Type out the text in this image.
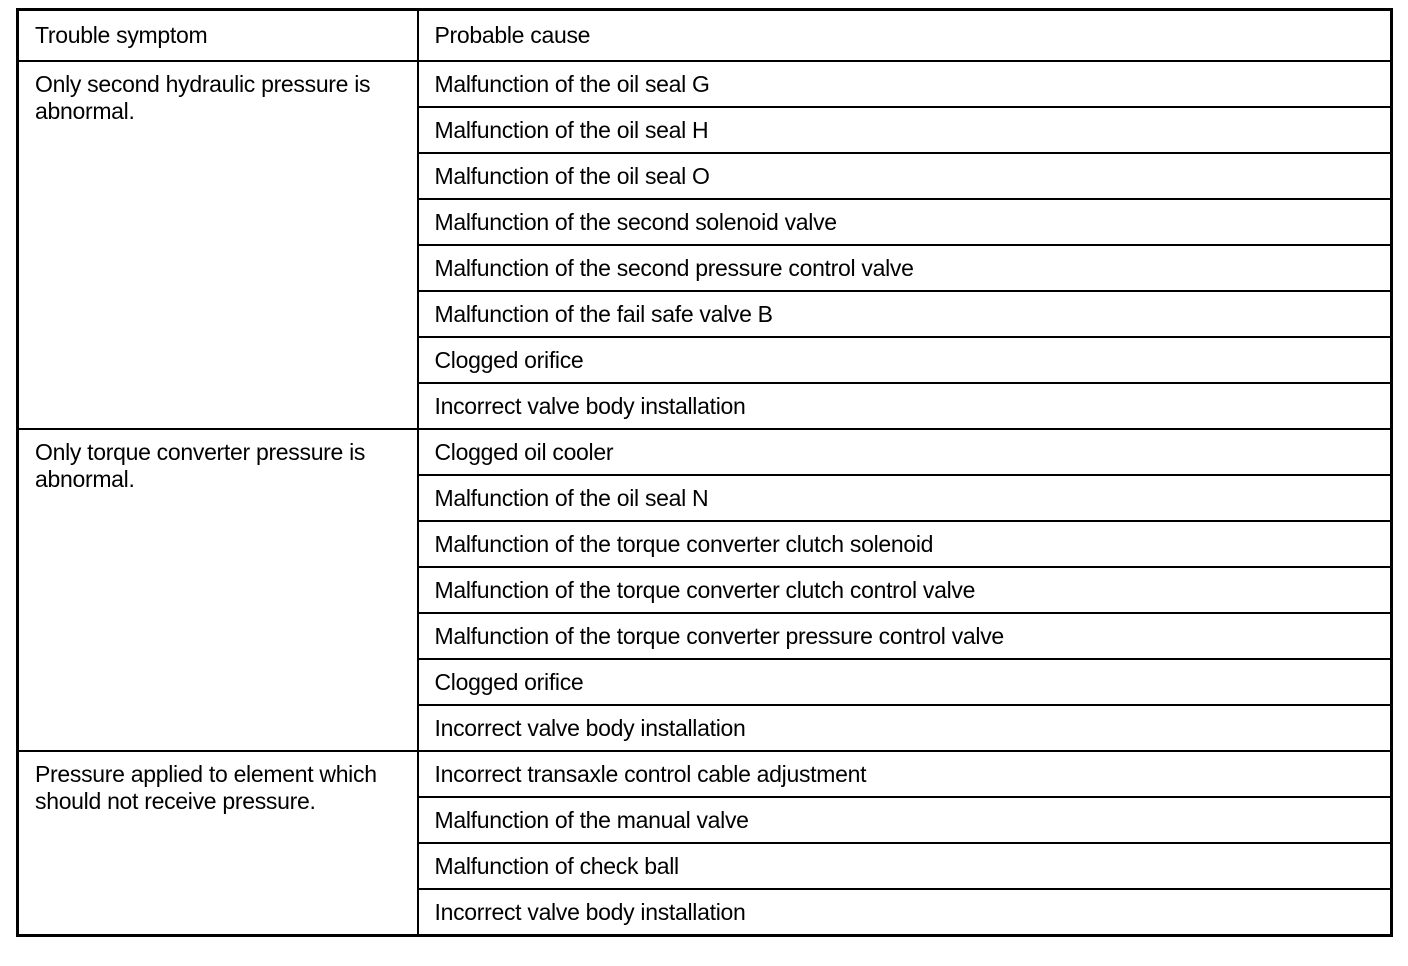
Trouble symptom	Probable cause
Only second hydraulic pressure is abnormal.	Malfunction of the oil seal G
	Malfunction of the oil seal H
	Malfunction of the oil seal O
	Malfunction of the second solenoid valve
	Malfunction of the second pressure control valve
	Malfunction of the fail safe valve B
	Clogged orifice
	Incorrect valve body installation
Only torque converter pressure is abnormal.	Clogged oil cooler
	Malfunction of the oil seal N
	Malfunction of the torque converter clutch solenoid
	Malfunction of the torque converter clutch control valve
	Malfunction of the torque converter pressure control valve
	Clogged orifice
	Incorrect valve body installation
Pressure applied to element which should not receive pressure.	Incorrect transaxle control cable adjustment
	Malfunction of the manual valve
	Malfunction of check ball
	Incorrect valve body installation
